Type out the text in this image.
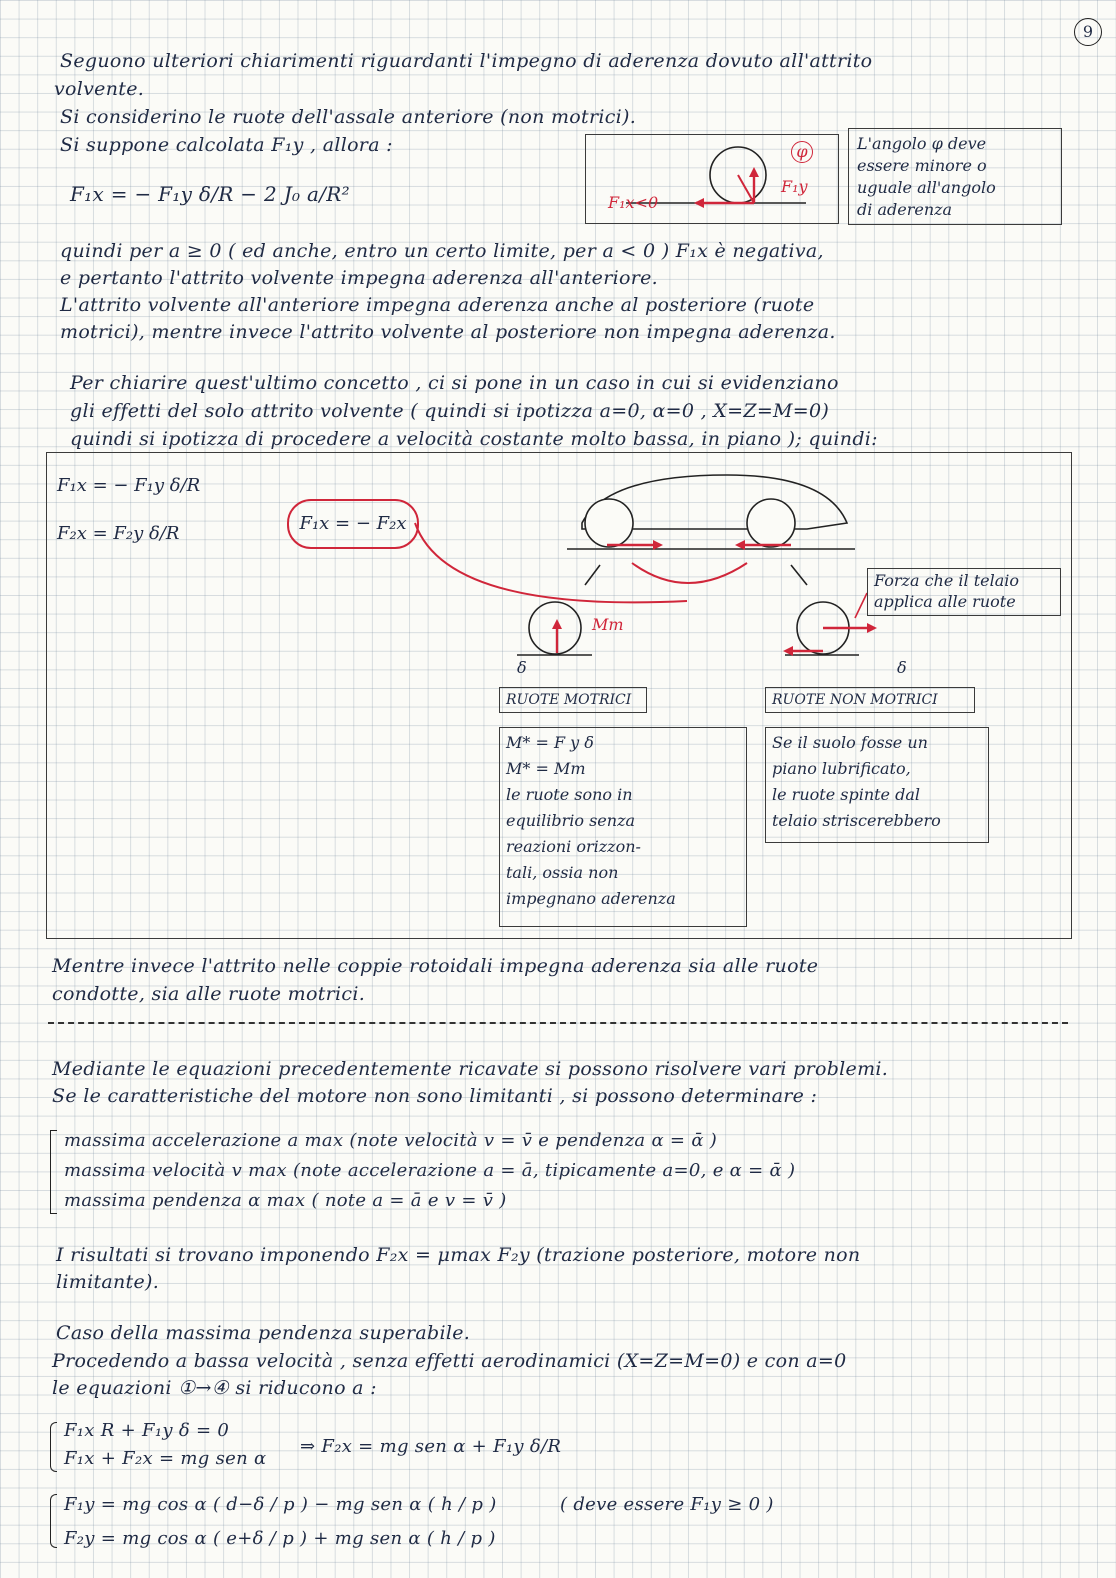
9
Seguono ulteriori chiarimenti riguardanti l'impegno di aderenza dovuto all'attrito
volvente.
Si considerino le ruote dell'assale anteriore (non motrici).
Si suppone calcolata F₁y , allora :
F₁x = − F₁y δ/R − 2 J₀ a/R²	F₁x<0
F₁y
φ	L'angolo φ deve
essere minore o
uguale all'angolo
di aderenza
quindi per a ≥ 0 ( ed anche, entro un certo limite, per a < 0 ) F₁x è negativa,
e pertanto l'attrito volvente impegna aderenza all'anteriore.
L'attrito volvente all'anteriore impegna aderenza anche al posteriore (ruote
motrici), mentre invece l'attrito volvente al posteriore non impegna aderenza.
Per chiarire quest'ultimo concetto , ci si pone in un caso in cui si evidenziano
gli effetti del solo attrito volvente ( quindi si ipotizza a=0, α=0 , X=Z=M=0)
quindi si ipotizza di procedere a velocità costante molto bassa, in piano ); quindi:
F₁x = − F₁y δ/R
F₂x = F₂y δ/R	F₁x = − F₂x
Mm
δ	δ
Forza che il telaio
applica alle ruote
RUOTE MOTRICI
M* = F y δ
M* = Mm
le ruote sono in
equilibrio senza
reazioni orizzon-
tali, ossia non
impegnano aderenza
RUOTE NON MOTRICI
Se il suolo fosse un
piano lubrificato,
le ruote spinte dal
telaio striscerebbero
Mentre invece l'attrito nelle coppie rotoidali impegna aderenza sia alle ruote
condotte, sia alle ruote motrici.
Mediante le equazioni precedentemente ricavate si possono risolvere vari problemi.
Se le caratteristiche del motore non sono limitanti , si possono determinare :
massima accelerazione a max (note velocità v = v̄ e pendenza α = ᾱ )
massima velocità v max (note accelerazione a = ā, tipicamente a=0, e α = ᾱ )
massima pendenza α max ( note a = ā e v = v̄ )
I risultati si trovano imponendo F₂x = μmax F₂y (trazione posteriore, motore non
limitante).
Caso della massima pendenza superabile.
Procedendo a bassa velocità , senza effetti aerodinamici (X=Z=M=0) e con a=0
le equazioni ①→④ si riducono a :
F₁x R + F₁y δ = 0
F₁x + F₂x = mg sen α
⇒ F₂x = mg sen α + F₁y δ/R
F₁y = mg cos α ( d−δ / p ) − mg sen α ( h / p )	( deve essere F₁y ≥ 0 )
F₂y = mg cos α ( e+δ / p ) + mg sen α ( h / p )
